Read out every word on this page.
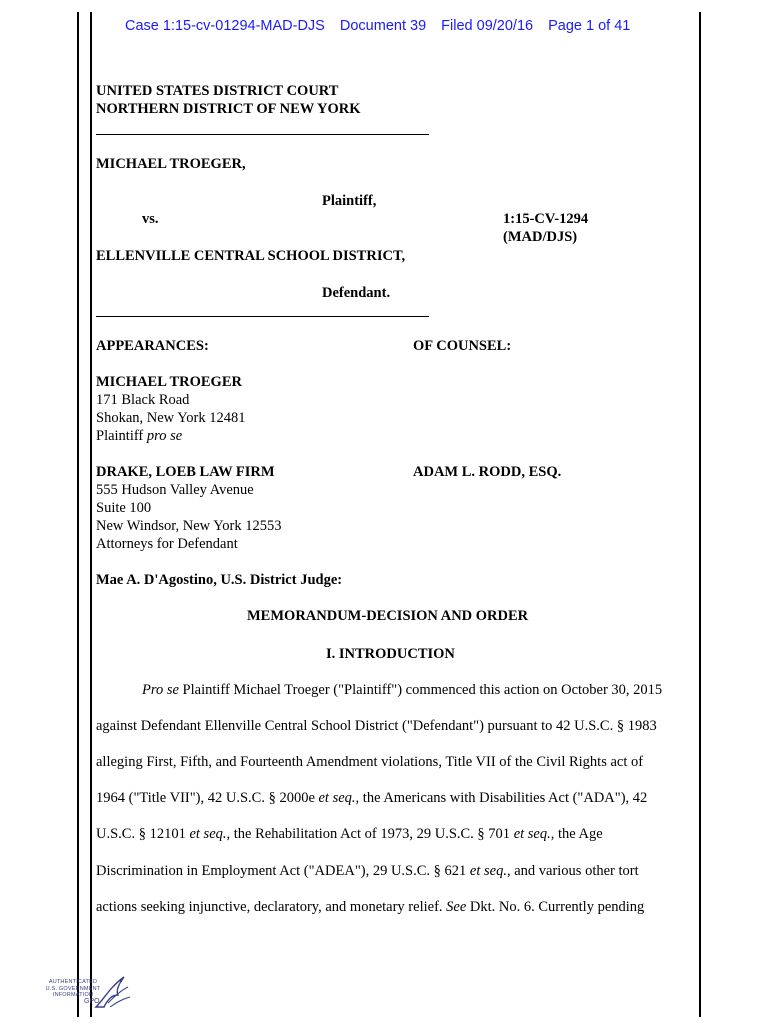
Case 1:15-cv-01294-MAD-DJS Document 39 Filed 09/20/16 Page 1 of 41
UNITED STATES DISTRICT COURT
NORTHERN DISTRICT OF NEW YORK
MICHAEL TROEGER,
Plaintiff,
vs.	1:15-CV-1294
(MAD/DJS)
ELLENVILLE CENTRAL SCHOOL DISTRICT,
Defendant.
APPEARANCES:	OF COUNSEL:
MICHAEL TROEGER
171 Black Road
Shokan, New York 12481
Plaintiff pro se
DRAKE, LOEB LAW FIRM	ADAM L. RODD, ESQ.
555 Hudson Valley Avenue
Suite 100
New Windsor, New York 12553
Attorneys for Defendant
Mae A. D'Agostino, U.S. District Judge:
MEMORANDUM-DECISION AND ORDER
I. INTRODUCTION
Pro se Plaintiff Michael Troeger ("Plaintiff") commenced this action on October 30, 2015
against Defendant Ellenville Central School District ("Defendant") pursuant to 42 U.S.C. § 1983
alleging First, Fifth, and Fourteenth Amendment violations, Title VII of the Civil Rights act of
1964 ("Title VII"), 42 U.S.C. § 2000e et seq., the Americans with Disabilities Act ("ADA"), 42
U.S.C. § 12101 et seq., the Rehabilitation Act of 1973, 29 U.S.C. § 701 et seq., the Age
Discrimination in Employment Act ("ADEA"), 29 U.S.C. § 621 et seq., and various other tort
actions seeking injunctive, declaratory, and monetary relief. See Dkt. No. 6. Currently pending
AUTHENTICATED
U.S. GOVERNMENT
INFORMATION
GPO
